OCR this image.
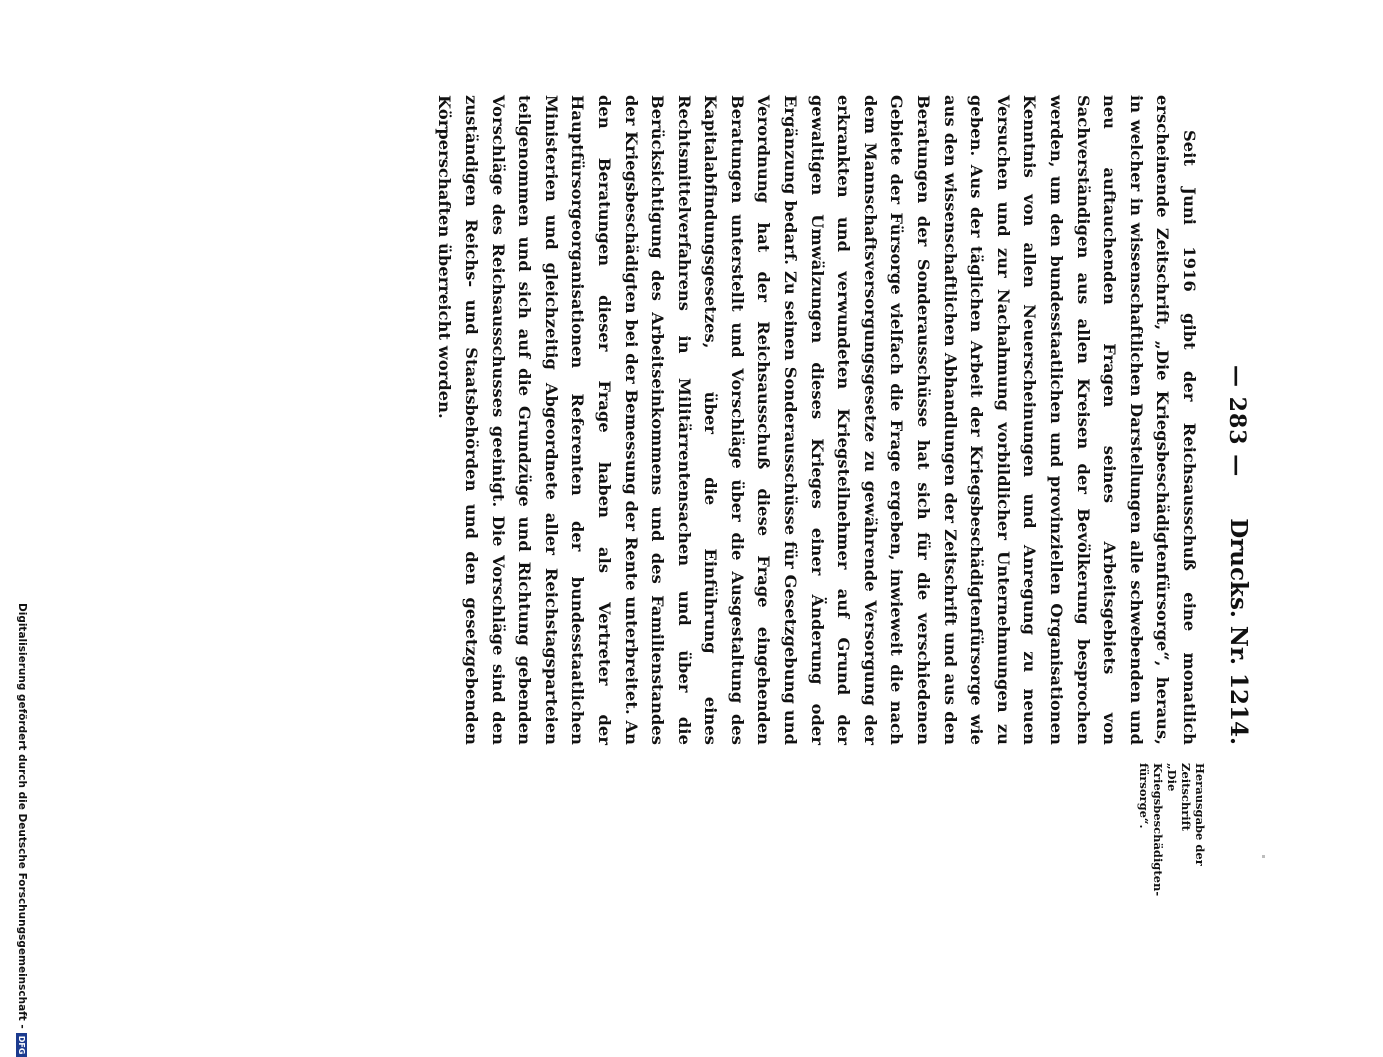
— 283 —
Drucks. Nr. 1214.

Seit Juni 1916 gibt der Reichsausschuß eine monatlich erscheinende Zeitschrift, „Die Kriegsbeschädigtenfürsorge“, heraus, in welcher in wissenschaftlichen Darstellungen alle schwebenden und neu auftauchenden Fragen seines Arbeitsgebiets von Sachverständigen aus allen Kreisen der Bevölkerung besprochen werden, um den bundesstaatlichen und provinziellen Organisationen Kenntnis von allen Neuerscheinungen und Anregung zu neuen Versuchen und zur Nachahmung vorbildlicher Unternehmungen zu geben. Aus der täglichen Arbeit der Kriegsbeschädigtenfürsorge wie aus den wissenschaftlichen Abhandlungen der Zeitschrift und aus den Beratungen der Sonderausschüsse hat sich für die verschiedenen Gebiete der Fürsorge vielfach die Frage ergeben, inwieweit die nach dem Mannschaftsversorgungsgesetze zu gewährende Versorgung der erkrankten und verwundeten Kriegsteilnehmer auf Grund der gewaltigen Umwälzungen dieses Krieges einer Änderung oder Ergänzung bedarf. Zu seinen Sonderausschüsse für Gesetzgebung und Verordnung hat der Reichsausschuß diese Frage eingehenden Beratungen unterstellt und Vorschläge über die Ausgestaltung des Kapitalabfindungsgesetzes, über die Einführung eines Rechtsmittelverfahrens in Militärrentensachen und über die Berücksichtigung des Arbeitseinkommens und des Familienstandes der Kriegsbeschädigten bei der Bemessung der Rente unterbreitet. An den Beratungen dieser Frage haben als Vertreter der Hauptfürsorgeorganisationen Referenten der bundesstaatlichen Ministerien und gleichzeitig Abgeordnete aller Reichstagsparteien teilgenommen und sich auf die Grundzüge und Richtung gebenden Vorschläge des Reichsausschusses geeinigt. Die Vorschläge sind den zuständigen Reichs- und Staatsbehörden und den gesetzgebenden Körperschaften überreicht worden.

Herausgabe der Zeitschrift
„Die Kriegsbeschädigten-
fürsorge“.
Digitalisierung gefördert durch die Deutsche Forschungsgemeinschaft -DFG
